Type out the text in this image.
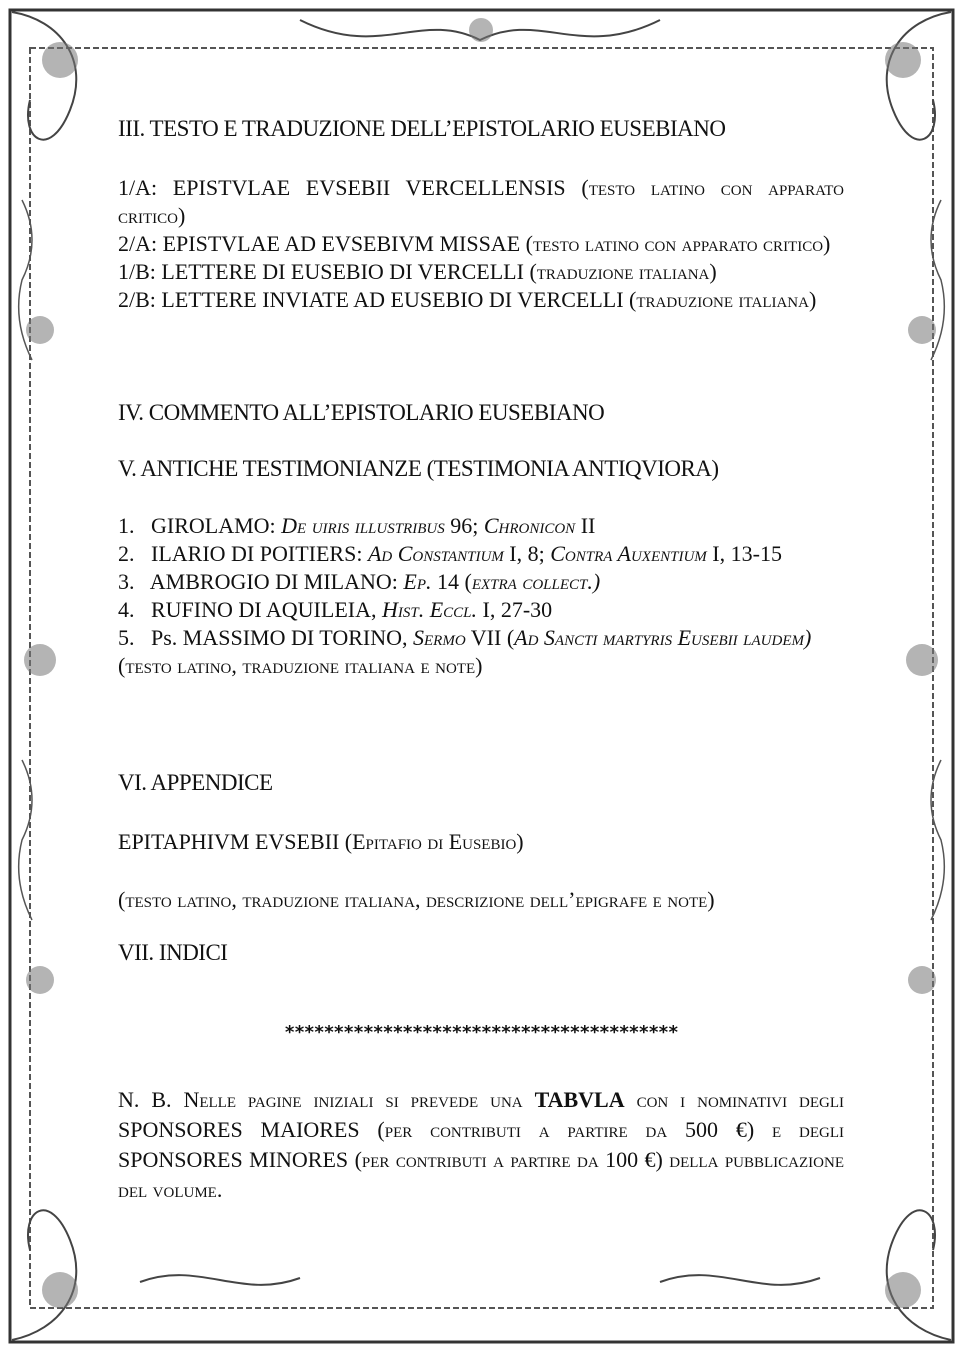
III. TESTO E TRADUZIONE DELL’EPISTOLARIO EUSEBIANO

1/A: EPISTVLAE EVSEBII VERCELLENSIS (testo latino con apparato critico)

2/A: EPISTVLAE AD EVSEBIVM MISSAE (testo latino con apparato critico)

1/B: LETTERE DI EUSEBIO DI VERCELLI (traduzione italiana)

2/B: LETTERE INVIATE AD EUSEBIO DI VERCELLI (traduzione italiana)

IV. COMMENTO ALL’EPISTOLARIO EUSEBIANO

V. ANTICHE TESTIMONIANZE (TESTIMONIA ANTIQVIORA)

1. GIROLAMO: De uiris illustribus 96; Chronicon II

2. ILARIO DI POITIERS: Ad Constantium I, 8; Contra Auxentium I, 13-15

3. AMBROGIO DI MILANO: Ep. 14 (extra collect.)

4. RUFINO DI AQUILEIA, Hist. Eccl. I, 27-30

5. Ps. MASSIMO DI TORINO, Sermo VII (Ad Sancti martyris Eusebii laudem)

(testo latino, traduzione italiana e note)

VI. APPENDICE

EPITAPHIVM EVSEBII (Epitafio di Eusebio)

(testo latino, traduzione italiana, descrizione dell’epigrafe e note)

VII. INDICI

****************************************

N. B. Nelle pagine iniziali si prevede una TABVLA con i nominativi degli SPONSORES MAIORES (per contributi a partire da 500 €) e degli SPONSORES MINORES (per contributi a partire da 100 €) della pubblicazione del volume.
